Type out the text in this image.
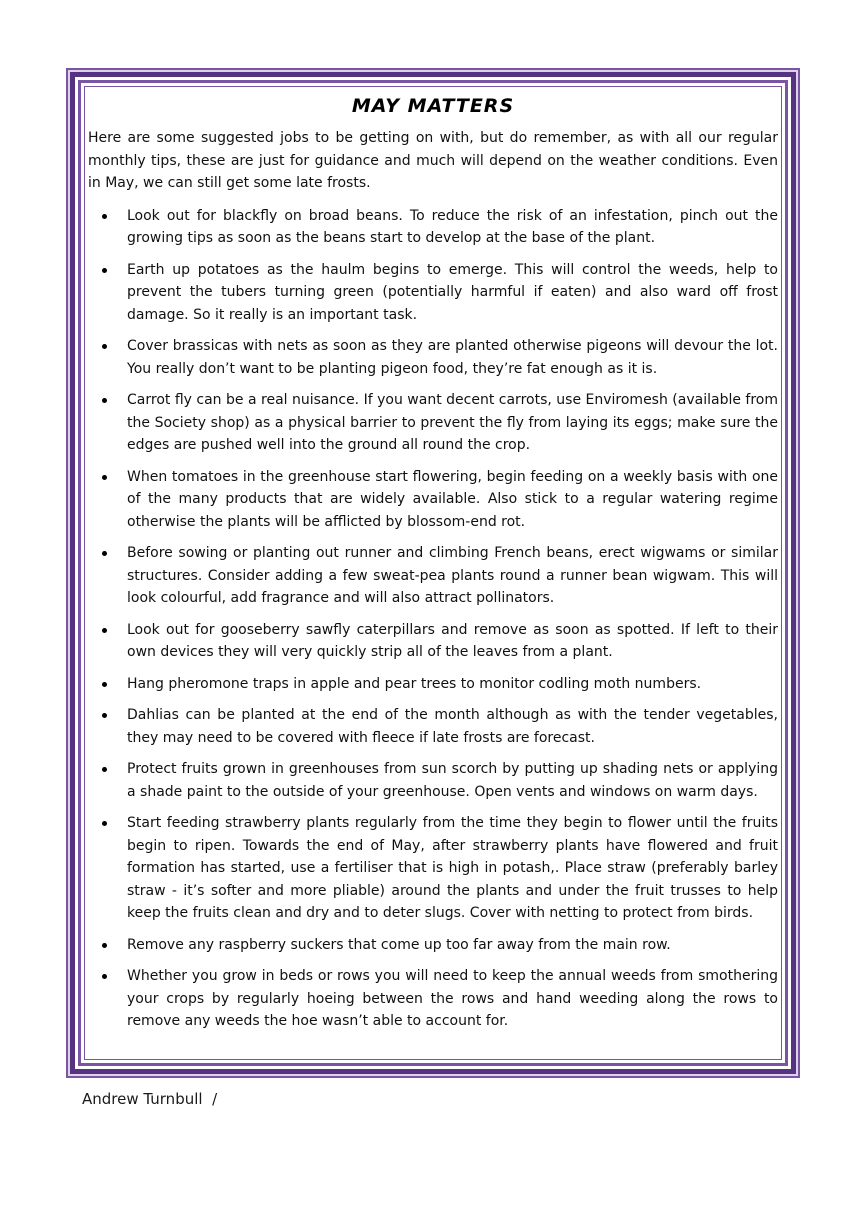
MAY MATTERS

Here are some suggested jobs to be getting on with, but do remember, as with all our regular monthly tips, these are just for guidance and much will depend on the weather conditions. Even in May, we can still get some late frosts.

Look out for blackfly on broad beans. To reduce the risk of an infestation, pinch out the growing tips as soon as the beans start to develop at the base of the plant.
Earth up potatoes as the haulm begins to emerge. This will control the weeds, help to prevent the tubers turning green (potentially harmful if eaten) and also ward off frost damage. So it really is an important task.
Cover brassicas with nets as soon as they are planted otherwise pigeons will devour the lot. You really don’t want to be planting pigeon food, they’re fat enough as it is.
Carrot fly can be a real nuisance. If you want decent carrots, use Enviromesh (available from the Society shop) as a physical barrier to prevent the fly from laying its eggs; make sure the edges are pushed well into the ground all round the crop.
When tomatoes in the greenhouse start flowering, begin feeding on a weekly basis with one of the many products that are widely available. Also stick to a regular watering regime otherwise the plants will be afflicted by blossom-end rot.
Before sowing or planting out runner and climbing French beans, erect wigwams or similar structures. Consider adding a few sweat-pea plants round a runner bean wigwam. This will look colourful, add fragrance and will also attract pollinators.
Look out for gooseberry sawfly caterpillars and remove as soon as spotted. If left to their own devices they will very quickly strip all of the leaves from a plant.
Hang pheromone traps in apple and pear trees to monitor codling moth numbers.
Dahlias can be planted at the end of the month although as with the tender vegetables, they may need to be covered with fleece if late frosts are forecast.
Protect fruits grown in greenhouses from sun scorch by putting up shading nets or applying a shade paint to the outside of your greenhouse. Open vents and windows on warm days.
Start feeding strawberry plants regularly from the time they begin to flower until the fruits begin to ripen. Towards the end of May, after strawberry plants have flowered and fruit formation has started, use a fertiliser that is high in potash,. Place straw (preferably barley straw - it’s softer and more pliable) around the plants and under the fruit trusses to help keep the fruits clean and dry and to deter slugs. Cover with netting to protect from birds.
Remove any raspberry suckers that come up too far away from the main row.
Whether you grow in beds or rows you will need to keep the annual weeds from smothering your crops by regularly hoeing between the rows and hand weeding along the rows to remove any weeds the hoe wasn’t able to account for.
Andrew Turnbull  /
